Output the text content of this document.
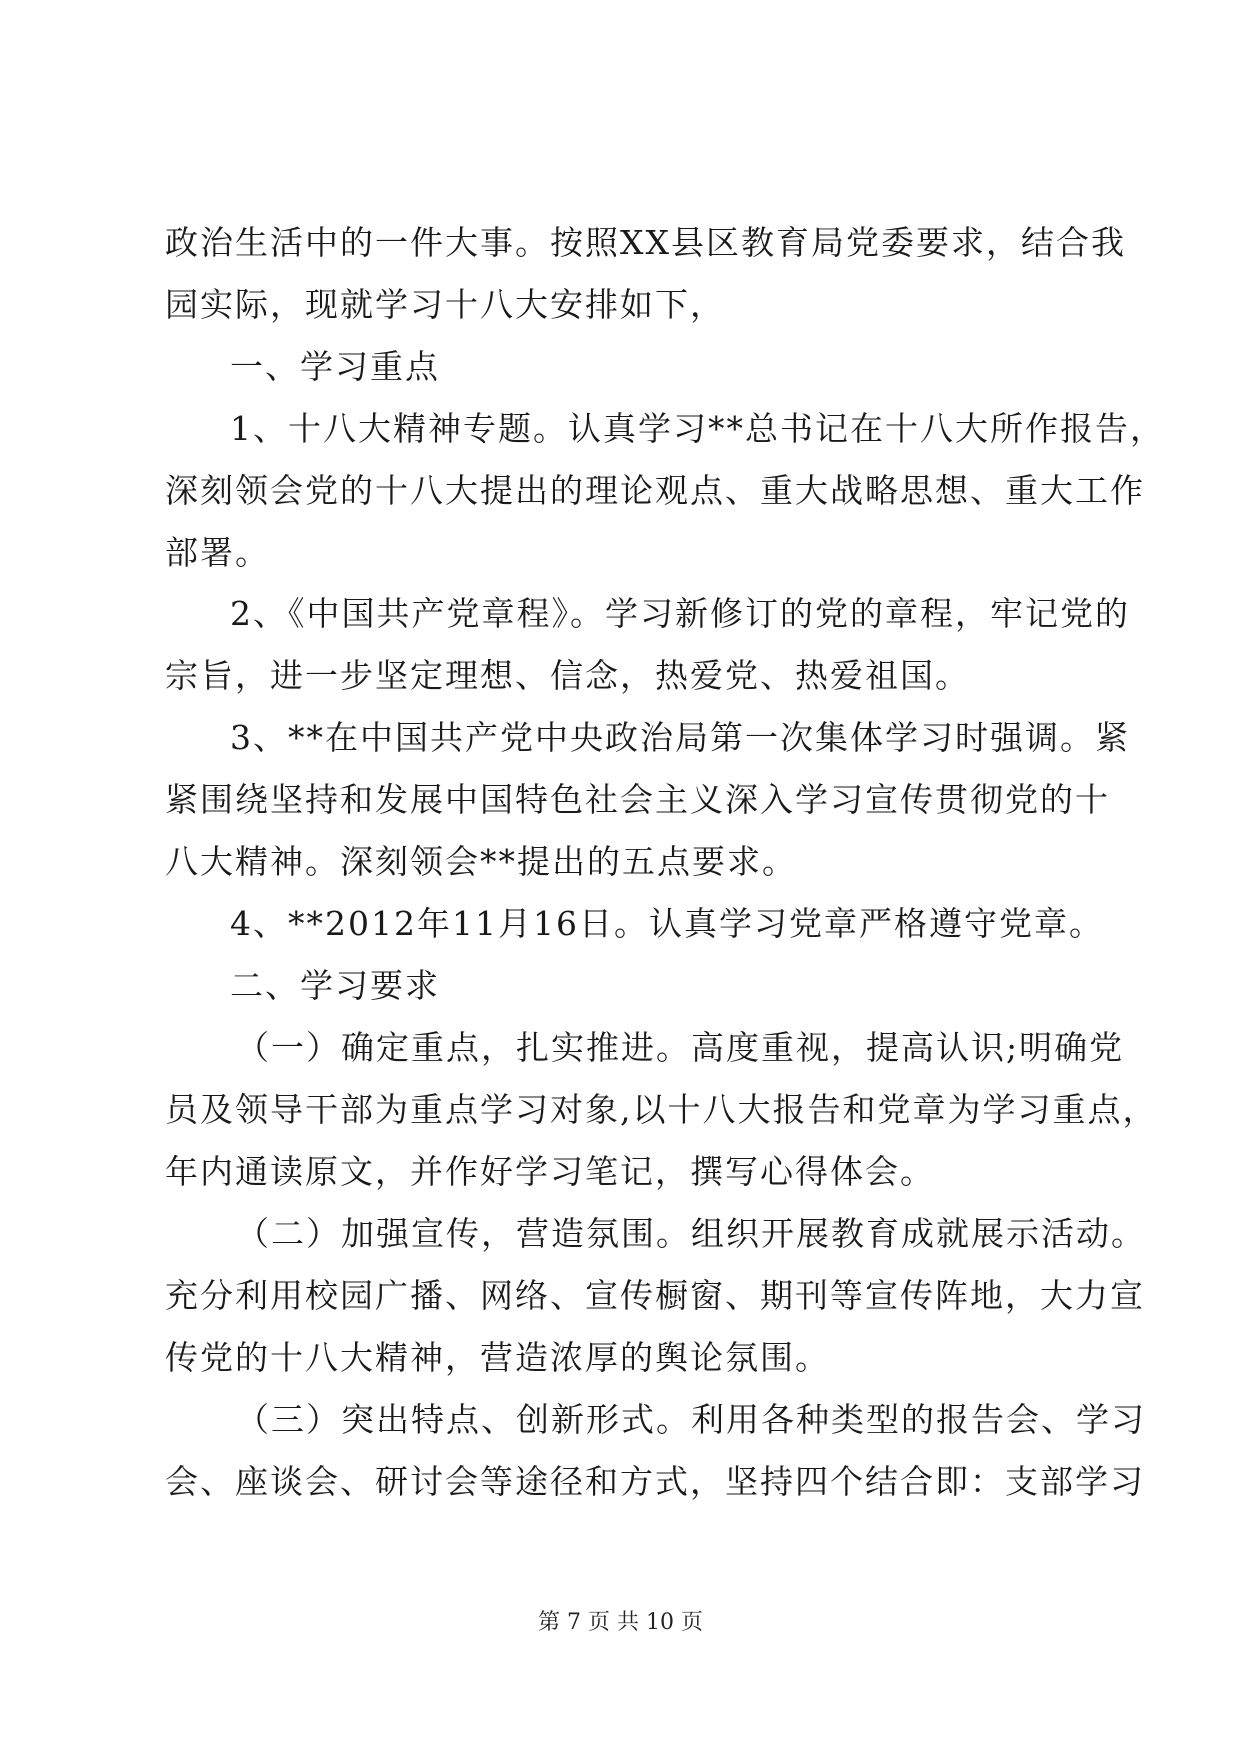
政治生活中的一件大事。按照XX县区教育局党委要求，结合我
园实际，现就学习十八大安排如下，
一、学习重点
1、十八大精神专题。认真学习**总书记在十八大所作报告，
深刻领会党的十八大提出的理论观点、重大战略思想、重大工作
部署。
2、《中国共产党章程》。学习新修订的党的章程，牢记党的
宗旨，进一步坚定理想、信念，热爱党、热爱祖国。
3、**在中国共产党中央政治局第一次集体学习时强调。紧
紧围绕坚持和发展中国特色社会主义深入学习宣传贯彻党的十
八大精神。深刻领会**提出的五点要求。
4、**2012年11月16日。认真学习党章严格遵守党章。
二、学习要求
（一）确定重点，扎实推进。高度重视，提高认识;明确党
员及领导干部为重点学习对象,以十八大报告和党章为学习重点，
年内通读原文，并作好学习笔记，撰写心得体会。
（二）加强宣传，营造氛围。组织开展教育成就展示活动。
充分利用校园广播、网络、宣传橱窗、期刊等宣传阵地，大力宣
传党的十八大精神，营造浓厚的舆论氛围。
（三）突出特点、创新形式。利用各种类型的报告会、学习
会、座谈会、研讨会等途径和方式，坚持四个结合即：支部学习
第 7 页 共 10 页
